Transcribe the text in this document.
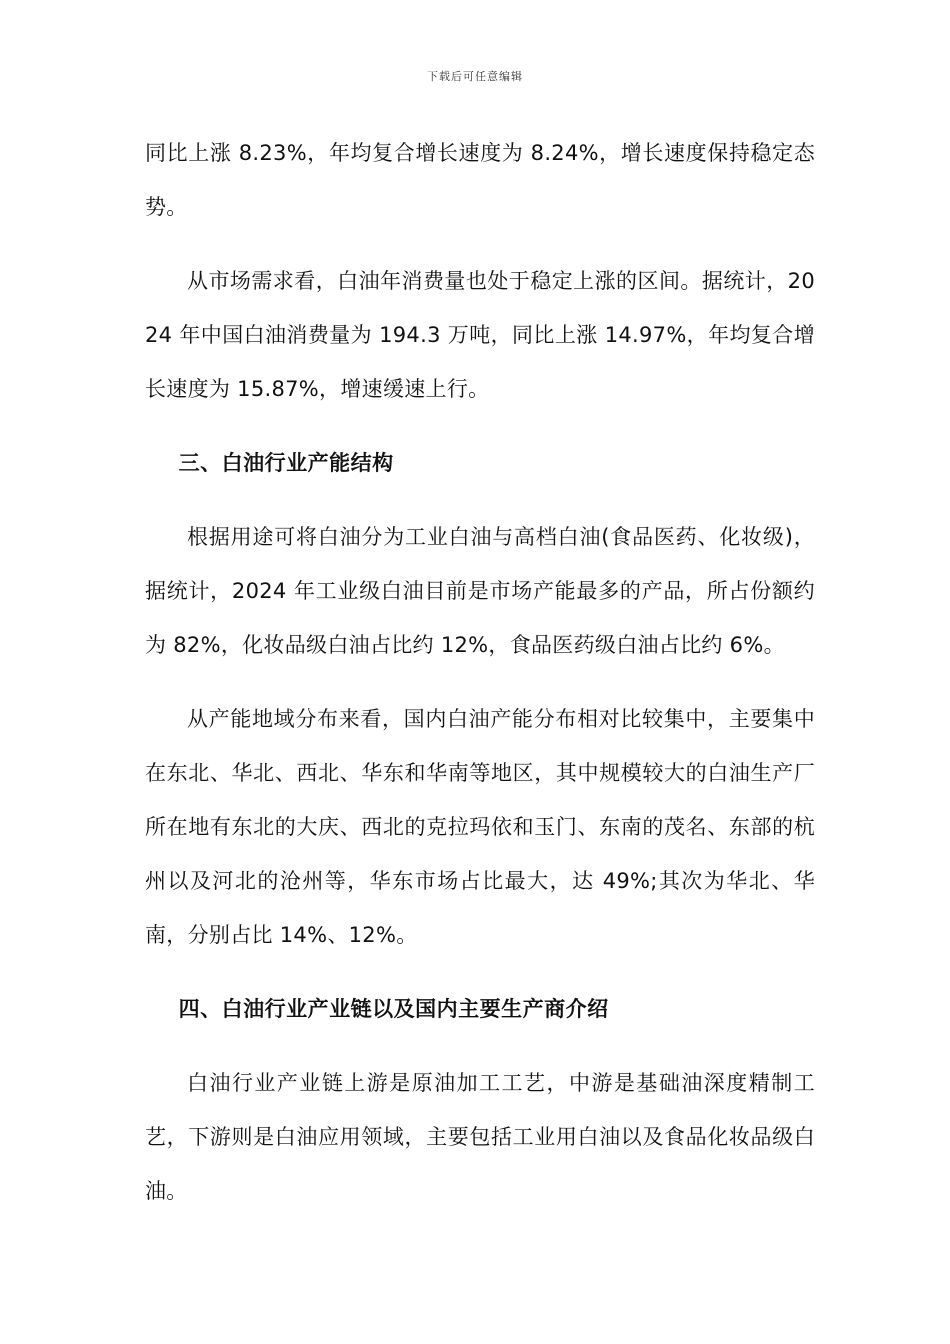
下载后可任意编辑

同比上涨 8.23%，年均复合增长速度为 8.24%，增长速度保持稳定态势。

从市场需求看，白油年消费量也处于稳定上涨的区间。据统计，2024 年中国白油消费量为 194.3 万吨，同比上涨 14.97%，年均复合增长速度为 15.87%，增速缓速上行。

三、白油行业产能结构

根据用途可将白油分为工业白油与高档白油(食品医药、化妆级)，据统计，2024 年工业级白油目前是市场产能最多的产品，所占份额约为 82%，化妆品级白油占比约 12%，食品医药级白油占比约 6%。

从产能地域分布来看，国内白油产能分布相对比较集中，主要集中在东北、华北、西北、华东和华南等地区，其中规模较大的白油生产厂所在地有东北的大庆、西北的克拉玛依和玉门、东南的茂名、东部的杭州以及河北的沧州等，华东市场占比最大，达 49%;其次为华北、华南，分别占比 14%、12%。

四、白油行业产业链以及国内主要生产商介绍

白油行业产业链上游是原油加工工艺，中游是基础油深度精制工艺，下游则是白油应用领域，主要包括工业用白油以及食品化妆品级白油。
